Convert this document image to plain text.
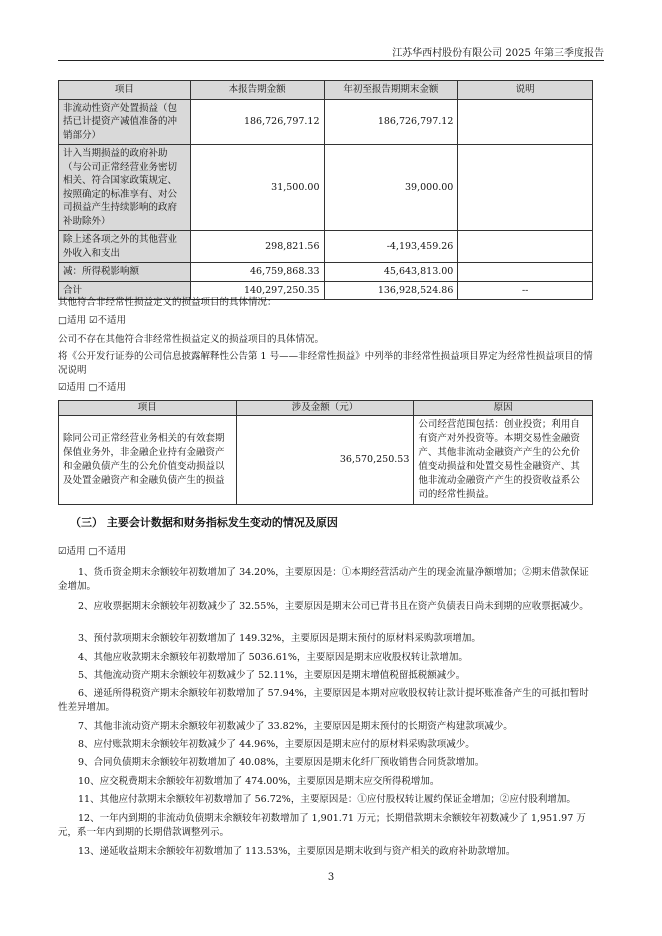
江苏华西村股份有限公司 2025 年第三季度报告
项目	本报告期金额	年初至报告期期末金额	说明
非流动性资产处置损益（包括已计提资产减值准备的冲销部分）	186,726,797.12	186,726,797.12	
计入当期损益的政府补助（与公司正常经营业务密切相关、符合国家政策规定、按照确定的标准享有、对公司损益产生持续影响的政府补助除外）	31,500.00	39,000.00	
除上述各项之外的其他营业外收入和支出	298,821.56	-4,193,459.26	
减：所得税影响额	46,759,868.33	45,643,813.00	
合计	140,297,250.35	136,928,524.86	--
其他符合非经常性损益定义的损益项目的具体情况：
□适用 ☑不适用
公司不存在其他符合非经常性损益定义的损益项目的具体情况。
将《公开发行证券的公司信息披露解释性公告第 1 号——非经常性损益》中列举的非经常性损益项目界定为经常性损益项目的情况说明
☑适用 □不适用
项目	涉及金额（元）	原因
除同公司正常经营业务相关的有效套期保值业务外，非金融企业持有金融资产和金融负债产生的公允价值变动损益以及处置金融资产和金融负债产生的损益	36,570,250.53	公司经营范围包括：创业投资；利用自有资产对外投资等。本期交易性金融资产、其他非流动金融资产产生的公允价值变动损益和处置交易性金融资产、其他非流动金融资产产生的投资收益系公司的经常性损益。
（三） 主要会计数据和财务指标发生变动的情况及原因
☑适用 □不适用
1、货币资金期末余额较年初数增加了 34.20%，主要原因是：①本期经营活动产生的现金流量净额增加；②期末借款保证金增加。
2、应收票据期末余额较年初数减少了 32.55%，主要原因是期末公司已背书且在资产负债表日尚未到期的应收票据减少。
3、预付款项期末余额较年初数增加了 149.32%，主要原因是期末预付的原材料采购款项增加。
4、其他应收款期末余额较年初数增加了 5036.61%，主要原因是期末应收股权转让款增加。
5、其他流动资产期末余额较年初数减少了 52.11%，主要原因是期末增值税留抵税额减少。
6、递延所得税资产期末余额较年初数增加了 57.94%，主要原因是本期对应收股权转让款计提坏账准备产生的可抵扣暂时性差异增加。
7、其他非流动资产期末余额较年初数减少了 33.82%，主要原因是期末预付的长期资产构建款项减少。
8、应付账款期末余额较年初数减少了 44.96%，主要原因是期末应付的原材料采购款项减少。
9、合同负债期末余额较年初数增加了 40.08%，主要原因是期末化纤厂预收销售合同货款增加。
10、应交税费期末余额较年初数增加了 474.00%，主要原因是期末应交所得税增加。
11、其他应付款期末余额较年初数增加了 56.72%，主要原因是：①应付股权转让履约保证金增加；②应付股利增加。
12、一年内到期的非流动负债期末余额较年初数增加了 1,901.71 万元；长期借款期末余额较年初数减少了 1,951.97 万元，系一年内到期的长期借款调整列示。
13、递延收益期末余额较年初数增加了 113.53%，主要原因是期末收到与资产相关的政府补助款增加。
3
